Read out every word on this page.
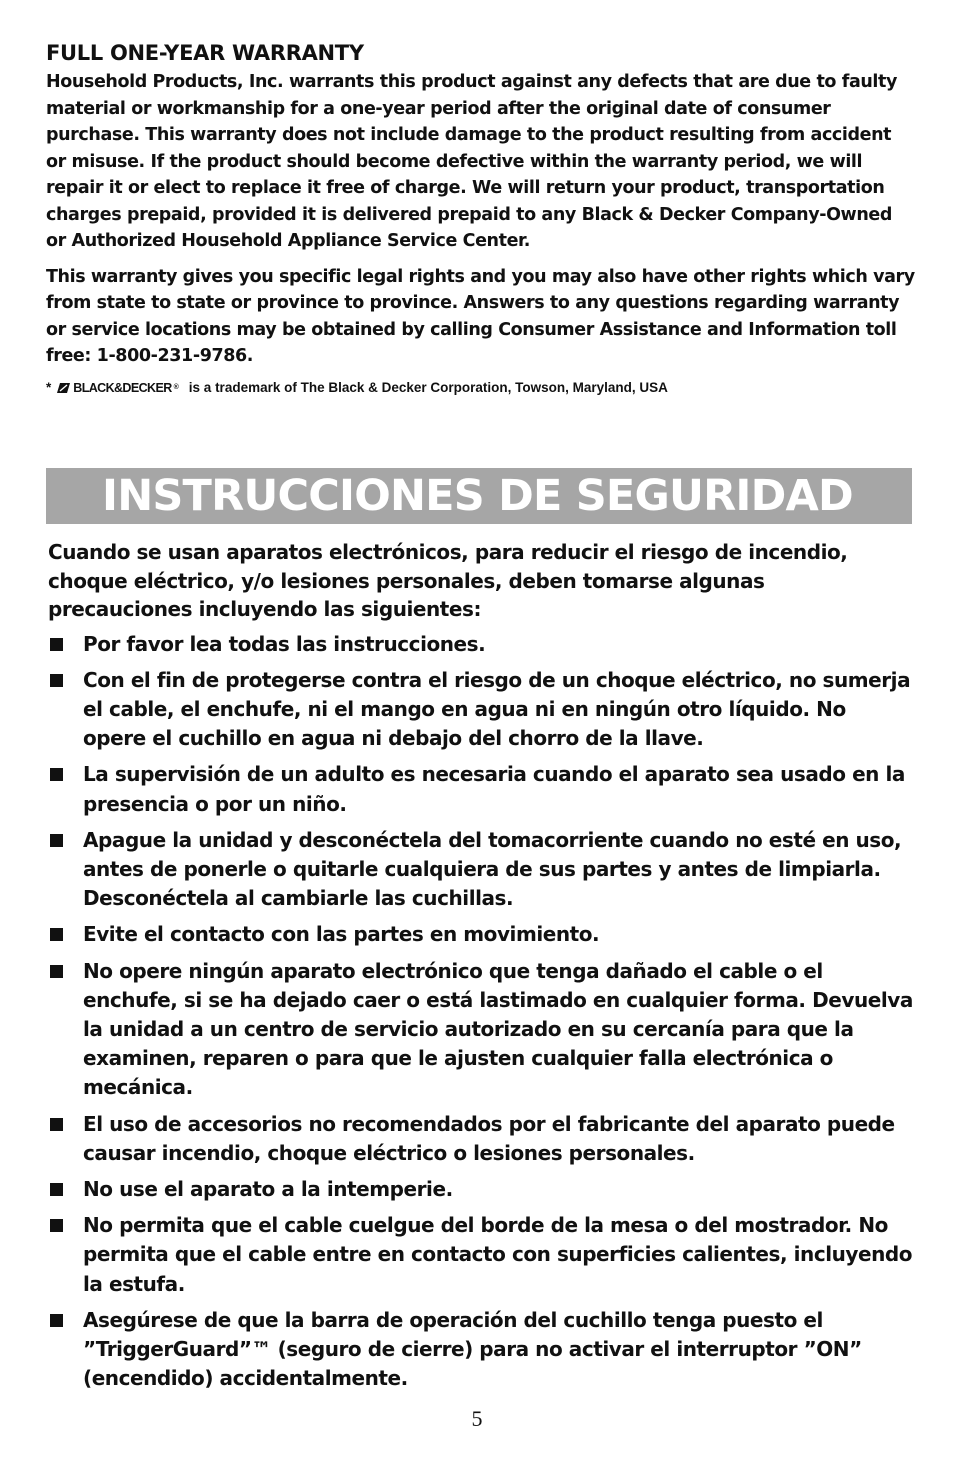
FULL ONE-YEAR WARRANTY

Household Products, Inc. warrants this product against any defects that are due to faulty material or workmanship for a one-year period after the original date of consumer purchase. This warranty does not include damage to the product resulting from accident or misuse. If the product should become defective within the warranty period, we will repair it or elect to replace it free of charge. We will return your product, transportation charges prepaid, provided it is delivered prepaid to any Black & Decker Company-Owned or Authorized Household Appliance Service Center.

This warranty gives you specific legal rights and you may also have other rights which vary from state to state or province to province. Answers to any questions regarding warranty or service locations may be obtained by calling Consumer Assistance and Information toll free: 1-800-231-9786.

* BLACK&DECKER ® is a trademark of The Black & Decker Corporation, Towson, Maryland, USA
INSTRUCCIONES DE SEGURIDAD

Cuando se usan aparatos electrónicos, para reducir el riesgo de incendio, choque eléctrico, y/o lesiones personales, deben tomarse algunas precauciones incluyendo las siguientes:

Por favor lea todas las instrucciones.
Con el fin de protegerse contra el riesgo de un choque eléctrico, no sumerja el cable, el enchufe, ni el mango en agua ni en ningún otro líquido. No opere el cuchillo en agua ni debajo del chorro de la llave.
La supervisión de un adulto es necesaria cuando el aparato sea usado en la presencia o por un niño.
Apague la unidad y desconéctela del tomacorriente cuando no esté en uso, antes de ponerle o quitarle cualquiera de sus partes y antes de limpiarla. Desconéctela al cambiarle las cuchillas.
Evite el contacto con las partes en movimiento.
No opere ningún aparato electrónico que tenga dañado el cable o el enchufe, si se ha dejado caer o está lastimado en cualquier forma. Devuelva la unidad a un centro de servicio autorizado en su cercanía para que la examinen, reparen o para que le ajusten cualquier falla electrónica o mecánica.
El uso de accesorios no recomendados por el fabricante del aparato puede causar incendio, choque eléctrico o lesiones personales.
No use el aparato a la intemperie.
No permita que el cable cuelgue del borde de la mesa o del mostrador. No permita que el cable entre en contacto con superficies calientes, incluyendo la estufa.
Asegúrese de que la barra de operación del cuchillo tenga puesto el ”TriggerGuard”™ (seguro de cierre) para no activar el interruptor ”ON” (encendido) accidentalmente.
5
